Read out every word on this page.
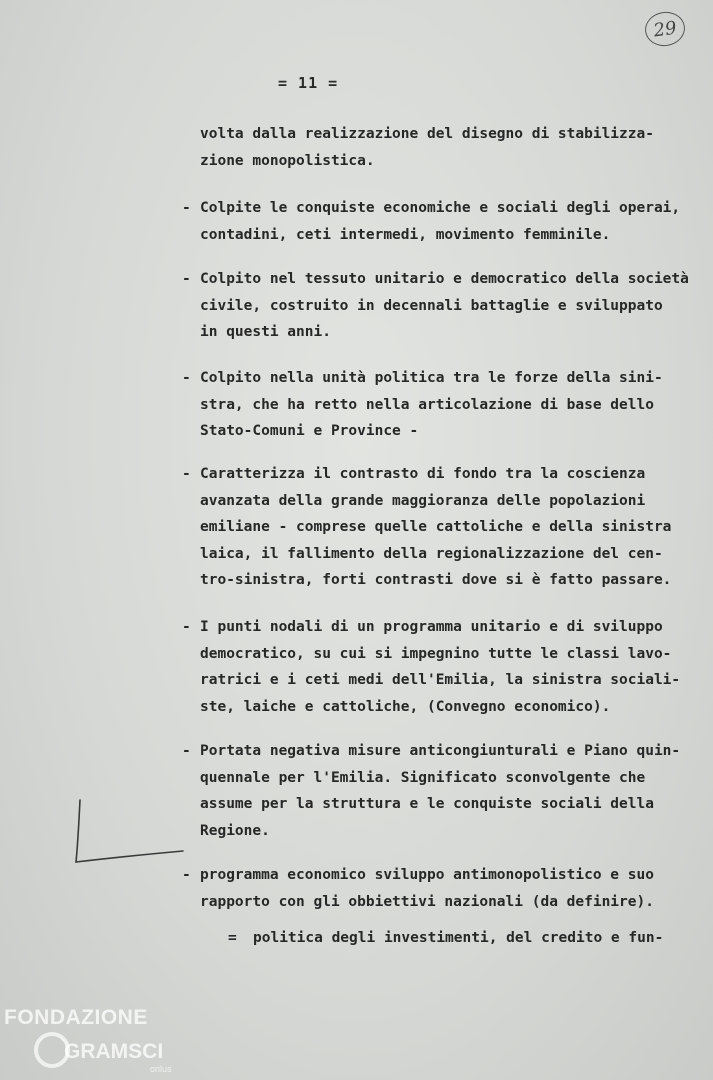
29
= 11 =

volta dalla realizzazione del disegno di stabilizza-
zione monopolistica.

- Colpite le conquiste economiche e sociali degli operai,
contadini, ceti intermedi, movimento femminile.

- Colpito nel tessuto unitario e democratico della società
civile, costruito in decennali battaglie e sviluppato
in questi anni.

- Colpito nella unità politica tra le forze della sini-
stra, che ha retto nella articolazione di base dello
Stato-Comuni e Province -

- Caratterizza il contrasto di fondo tra la coscienza
avanzata della grande maggioranza delle popolazioni
emiliane - comprese quelle cattoliche e della sinistra
laica, il fallimento della regionalizzazione del cen-
tro-sinistra, forti contrasti dove si è fatto passare.

- I punti nodali di un programma unitario e di sviluppo
democratico, su cui si impegnino tutte le classi lavo-
ratrici e i ceti medi dell'Emilia, la sinistra sociali-
ste, laiche e cattoliche, (Convegno economico).

- Portata negativa misure anticongiunturali e Piano quin-
quennale per l'Emilia. Significato sconvolgente che
assume per la struttura e le conquiste sociali della
Regione.

- programma economico sviluppo antimonopolistico e suo
rapporto con gli obbiettivi nazionali (da definire).

= politica degli investimenti, del credito e fun-

FONDAZIONE
GRAMSCI
onlus
